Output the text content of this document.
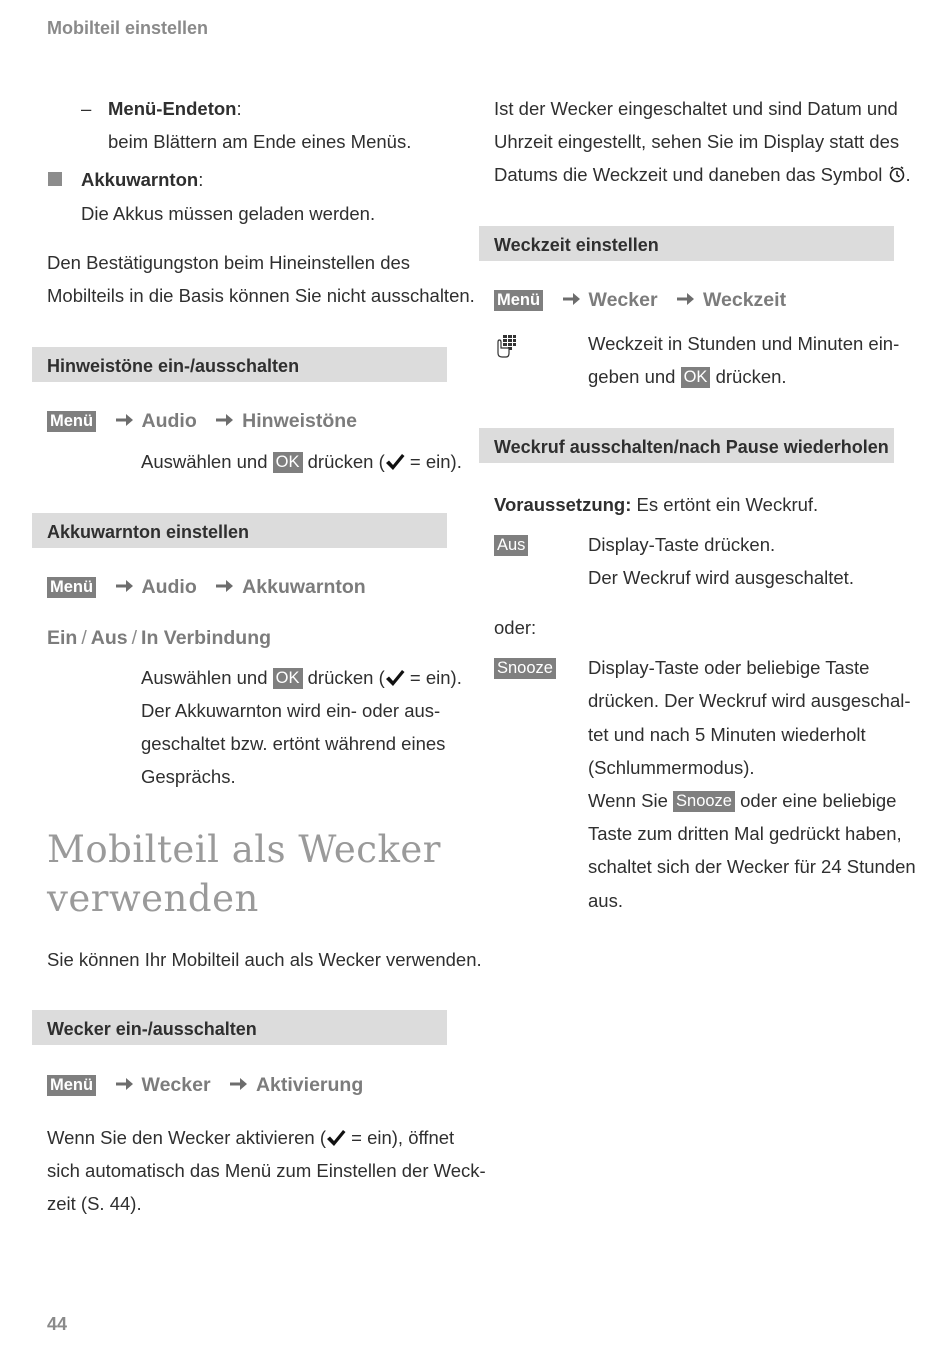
Mobilteil einstellen
– Menü-Endeton:
beim Blättern am Ende eines Menüs.
Akkuwarnton:
Die Akkus müssen geladen werden.
Den Bestätigungston beim Hineinstellen des
Mobilteils in die Basis können Sie nicht ausschalten.
Hinweistöne ein-/ausschalten
Menü Audio Hinweistöne
Auswählen und OK drücken ( = ein).
Akkuwarnton einstellen
Menü Audio Akkuwarnton
Ein / Aus / In Verbindung
Auswählen und OK drücken ( = ein).
Der Akkuwarnton wird ein- oder aus-
geschaltet bzw. ertönt während eines
Gesprächs.
Mobilteil als Wecker
verwenden
Sie können Ihr Mobilteil auch als Wecker verwenden.
Wecker ein-/ausschalten
Menü Wecker Aktivierung
Wenn Sie den Wecker aktivieren ( = ein), öffnet
sich automatisch das Menü zum Einstellen der Weck-
zeit (S. 44).
Ist der Wecker eingeschaltet und sind Datum und
Uhrzeit eingestellt, sehen Sie im Display statt des
Datums die Weckzeit und daneben das Symbol .
Weckzeit einstellen
Menü Wecker Weckzeit
Weckzeit in Stunden und Minuten ein-
geben und OK drücken.
Weckruf ausschalten/nach Pause wiederholen
Voraussetzung: Es ertönt ein Weckruf.
Aus	Display-Taste drücken.
Der Weckruf wird ausgeschaltet.
oder:
Snooze Display-Taste oder beliebige Taste
drücken. Der Weckruf wird ausgeschal-
tet und nach 5 Minuten wiederholt
(Schlummermodus).
Wenn Sie Snooze oder eine beliebige
Taste zum dritten Mal gedrückt haben,
schaltet sich der Wecker für 24 Stunden
aus.
44
